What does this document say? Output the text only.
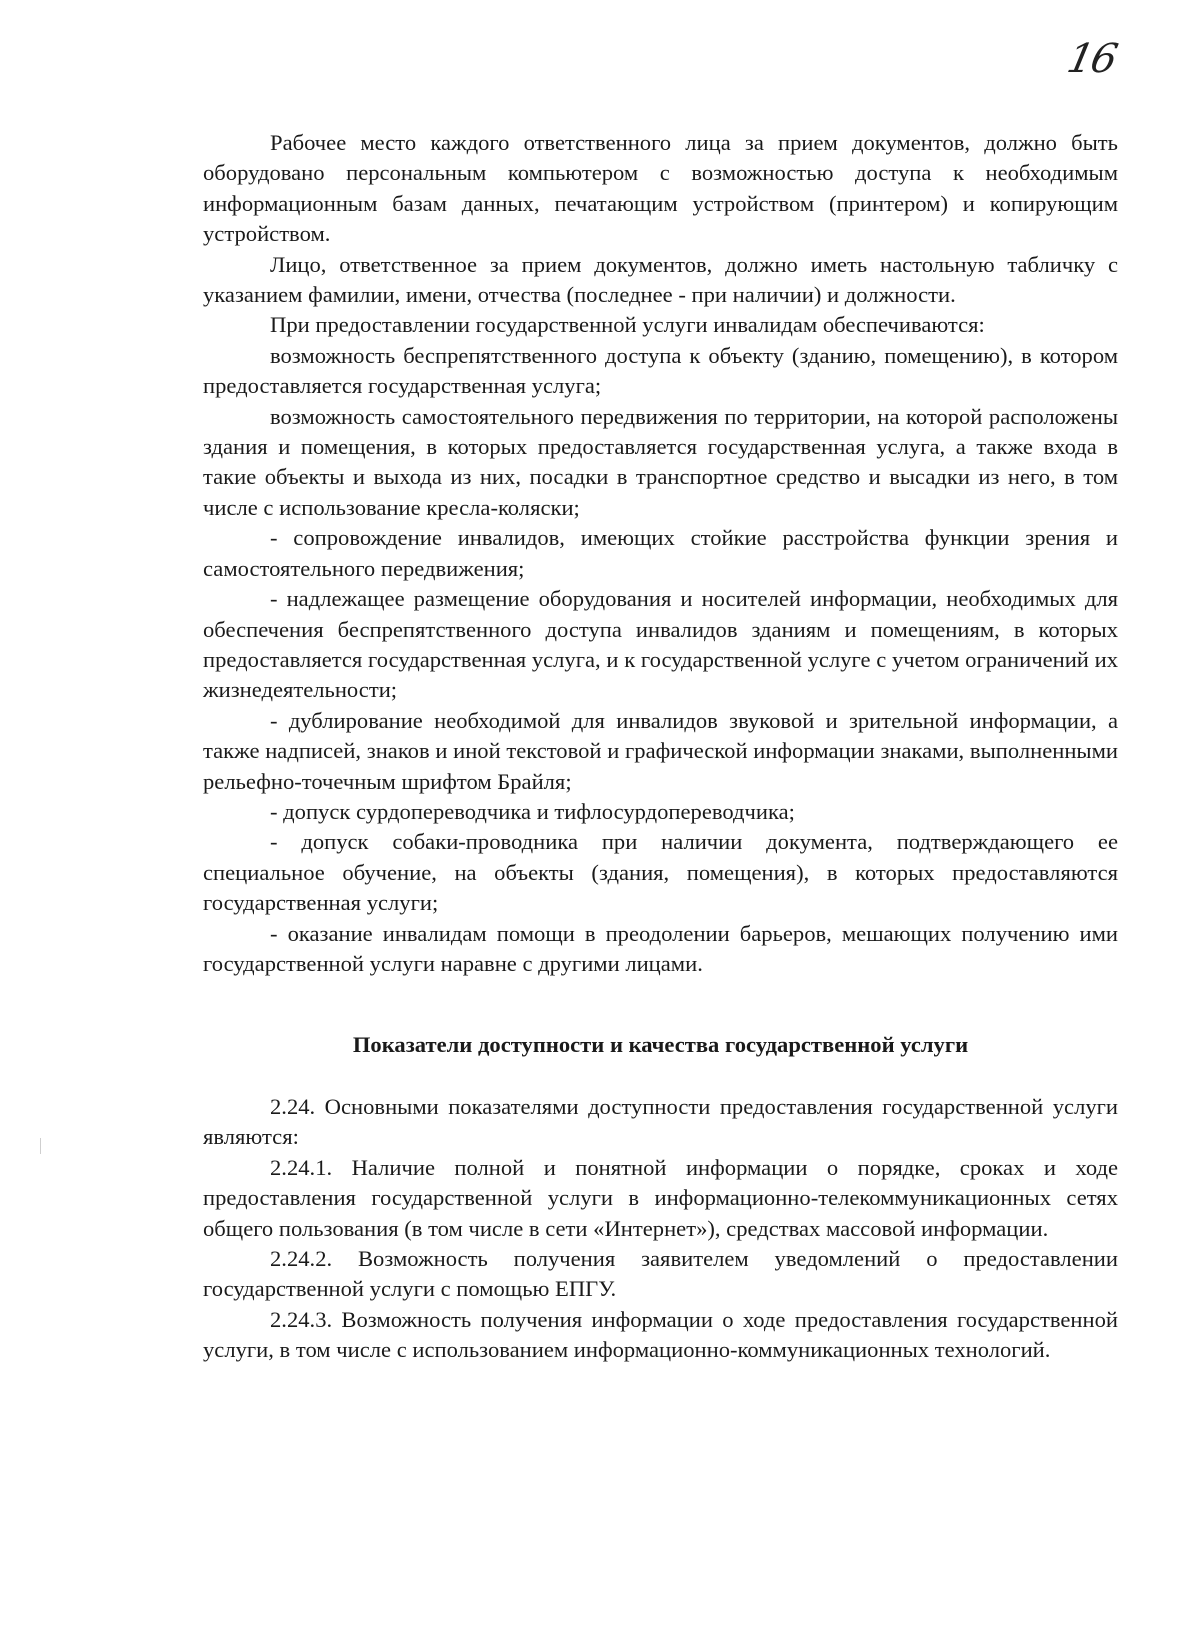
16

Рабочее место каждого ответственного лица за прием документов, должно быть оборудовано персональным компьютером с возможностью доступа к необходимым информационным базам данных, печатающим устройством (принтером) и копирующим устройством.

Лицо, ответственное за прием документов, должно иметь настольную табличку с указанием фамилии, имени, отчества (последнее - при наличии) и должности.

При предоставлении государственной услуги инвалидам обеспечиваются:

возможность беспрепятственного доступа к объекту (зданию, помещению), в котором предоставляется государственная услуга;

возможность самостоятельного передвижения по территории, на которой расположены здания и помещения, в которых предоставляется государственная услуга, а также входа в такие объекты и выхода из них, посадки в транспортное средство и высадки из него, в том числе с использование кресла-коляски;

- сопровождение инвалидов, имеющих стойкие расстройства функции зрения и самостоятельного передвижения;

- надлежащее размещение оборудования и носителей информации, необходимых для обеспечения беспрепятственного доступа инвалидов зданиям и помещениям, в которых предоставляется государственная услуга, и к государственной услуге с учетом ограничений их жизнедеятельности;

- дублирование необходимой для инвалидов звуковой и зрительной информации, а также надписей, знаков и иной текстовой и графической информации знаками, выполненными рельефно-точечным шрифтом Брайля;

- допуск сурдопереводчика и тифлосурдопереводчика;

- допуск собаки-проводника при наличии документа, подтверждающего ее специальное обучение, на объекты (здания, помещения), в которых предоставляются государственная услуги;

- оказание инвалидам помощи в преодолении барьеров, мешающих получению ими государственной услуги наравне с другими лицами.

Показатели доступности и качества государственной услуги

2.24. Основными показателями доступности предоставления государственной услуги являются:

2.24.1. Наличие полной и понятной информации о порядке, сроках и ходе предоставления государственной услуги в информационно-телекоммуникационных сетях общего пользования (в том числе в сети «Интернет»), средствах массовой информации.

2.24.2. Возможность получения заявителем уведомлений о предоставлении государственной услуги с помощью ЕПГУ.

2.24.3. Возможность получения информации о ходе предоставления государственной услуги, в том числе с использованием информационно-коммуникационных технологий.
